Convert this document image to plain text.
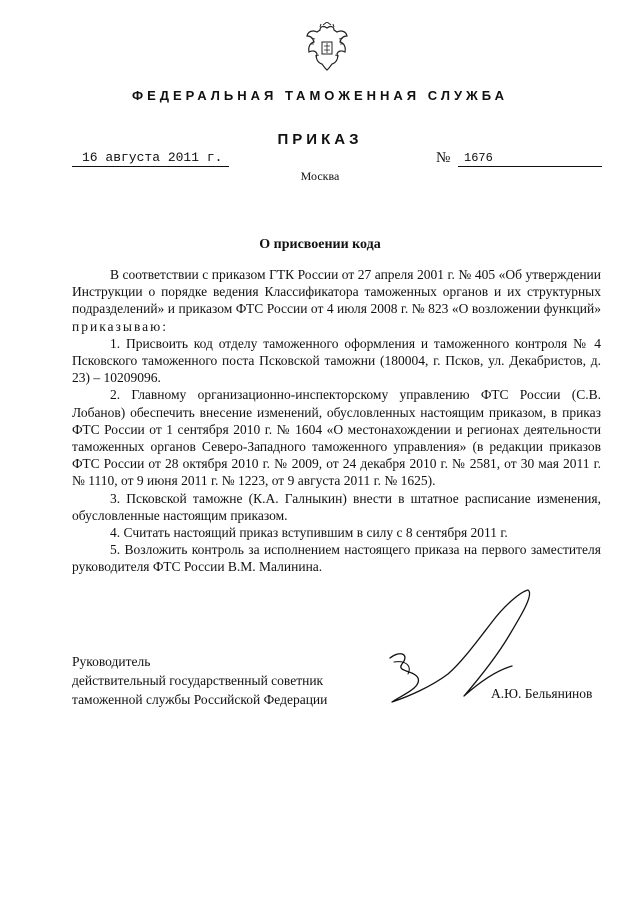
ФЕДЕРАЛЬНАЯ ТАМОЖЕННАЯ СЛУЖБА
ПРИКАЗ
16 августа 2011 г.	№	1676
Москва
О присвоении кода

В соответствии с приказом ГТК России от 27 апреля 2001 г. № 405 «Об утверждении Инструкции о порядке ведения Классификатора таможенных органов и их структурных подразделений» и приказом ФТС России от 4 июля 2008 г. № 823 «О возложении функций» приказываю:

1. Присвоить код отделу таможенного оформления и таможенного контроля № 4 Псковского таможенного поста Псковской таможни (180004, г. Псков, ул. Декабристов, д. 23) – 10209096.

2. Главному организационно-инспекторскому управлению ФТС России (С.В. Лобанов) обеспечить внесение изменений, обусловленных настоящим приказом, в приказ ФТС России от 1 сентября 2010 г. № 1604 «О местонахождении и регионах деятельности таможенных органов Северо-Западного таможенного управления» (в редакции приказов ФТС России от 28 октября 2010 г. № 2009, от 24 декабря 2010 г. № 2581, от 30 мая 2011 г. № 1110, от 9 июня 2011 г. № 1223, от 9 августа 2011 г. № 1625).

3. Псковской таможне (К.А. Галныкин) внести в штатное расписание изменения, обусловленные настоящим приказом.

4. Считать настоящий приказ вступившим в силу с 8 сентября 2011 г.

5. Возложить контроль за исполнением настоящего приказа на первого заместителя руководителя ФТС России В.М. Малинина.

Руководитель
действительный государственный советник
таможенной службы Российской Федерации	А.Ю. Бельянинов
